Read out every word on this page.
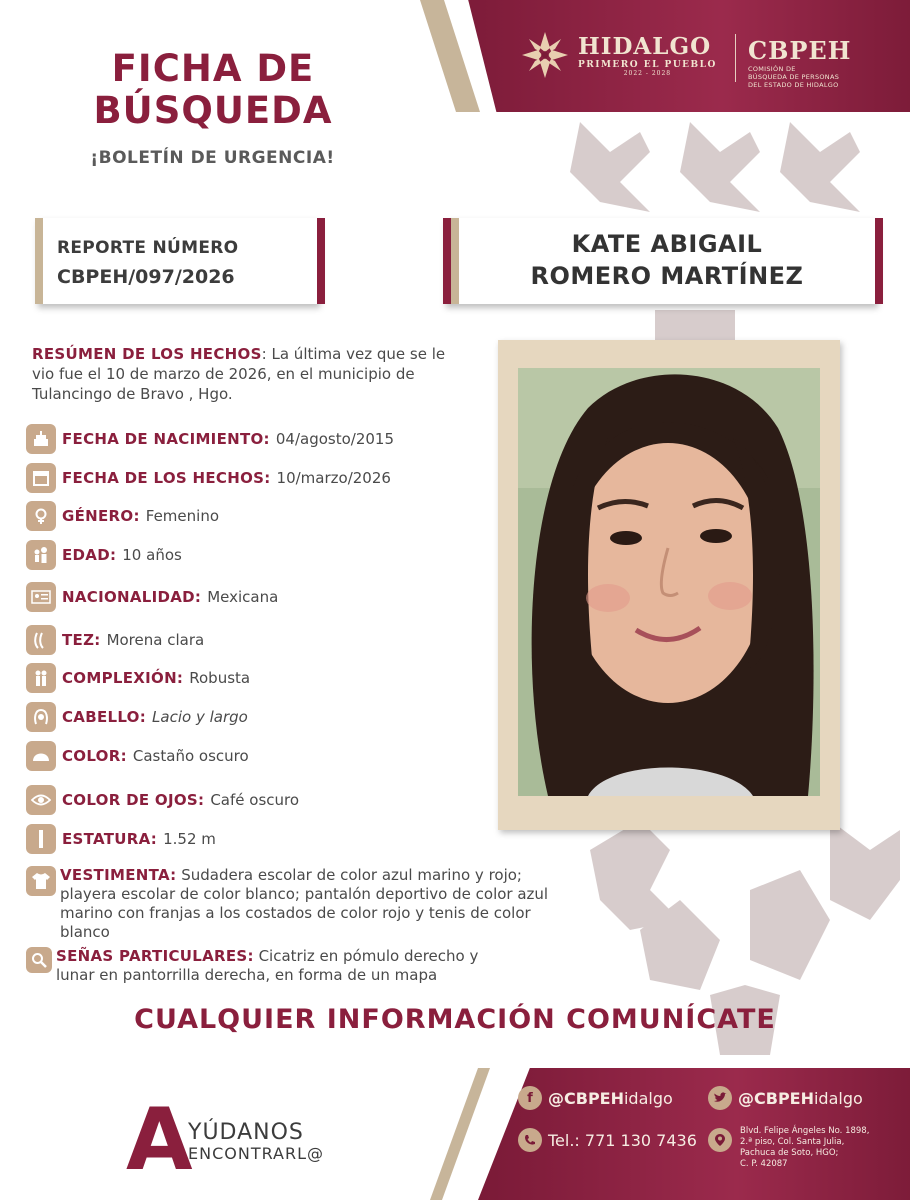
HIDALGO
PRIMERO EL PUEBLO
2022 - 2028
CBPEH
COMISIÓN DE
BÚSQUEDA DE PERSONAS
DEL ESTADO DE HIDALGO
FICHA DE
BÚSQUEDA
¡BOLETÍN DE URGENCIA!
REPORTE NÚMERO
CBPEH/097/2026
KATE ABIGAIL
ROMERO MARTÍNEZ
RESÚMEN DE LOS HECHOS: La última vez que se le vio fue el 10 de marzo de 2026, en el municipio de Tulancingo de Bravo , Hgo.
FECHA DE NACIMIENTO: 04/agosto/2015
FECHA DE LOS HECHOS: 10/marzo/2026
GÉNERO: Femenino
EDAD: 10 años
NACIONALIDAD: Mexicana
TEZ: Morena clara
COMPLEXIÓN: Robusta
CABELLO: Lacio y largo
COLOR: Castaño oscuro
COLOR DE OJOS: Café oscuro
ESTATURA: 1.52 m
VESTIMENTA: Sudadera escolar de color azul marino y rojo; playera escolar de color blanco; pantalón deportivo de color azul marino con franjas a los costados de color rojo y tenis de color blanco
SEÑAS PARTICULARES: Cicatriz en pómulo derecho y lunar en pantorrilla derecha, en forma de un mapa
CUALQUIER INFORMACIÓN COMUNÍCATE
A
YÚDANOS
ENCONTRARL@
f @CBPEHidalgo	@CBPEHidalgo
Tel.: 771 130 7436	Blvd. Felipe Ángeles No. 1898,
2.ª piso, Col. Santa Julia,
Pachuca de Soto, HGO;
C. P. 42087
